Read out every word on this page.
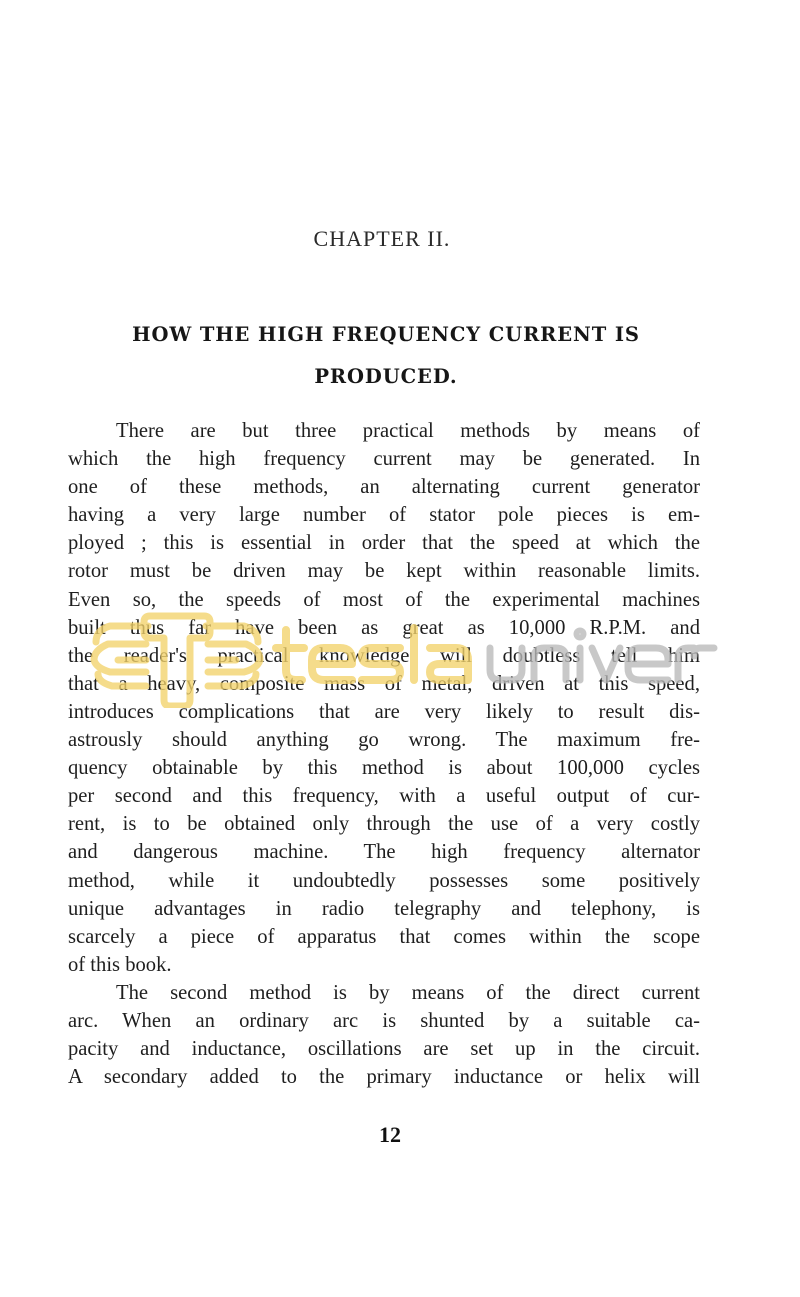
CHAPTER II.
HOW THE HIGH FREQUENCY CURRENT IS
PRODUCED.
There are but three practical methods by means of
which the high frequency current may be generated. In
one of these methods, an alternating current generator
having a very large number of stator pole pieces is em-
ployed ; this is essential in order that the speed at which the
rotor must be driven may be kept within reasonable limits.
Even so, the speeds of most of the experimental machines
built thus far have been as great as 10,000 R.P.M. and
the reader's practical knowledge will doubtless tell him
that a heavy, composite mass of metal, driven at this speed,
introduces complications that are very likely to result dis-
astrously should anything go wrong. The maximum fre-
quency obtainable by this method is about 100,000 cycles
per second and this frequency, with a useful output of cur-
rent, is to be obtained only through the use of a very costly
and dangerous machine. The high frequency alternator
method, while it undoubtedly possesses some positively
unique advantages in radio telegraphy and telephony, is
scarcely a piece of apparatus that comes within the scope
of this book.
The second method is by means of the direct current
arc. When an ordinary arc is shunted by a suitable ca-
pacity and inductance, oscillations are set up in the circuit.
A secondary added to the primary inductance or helix will
12
